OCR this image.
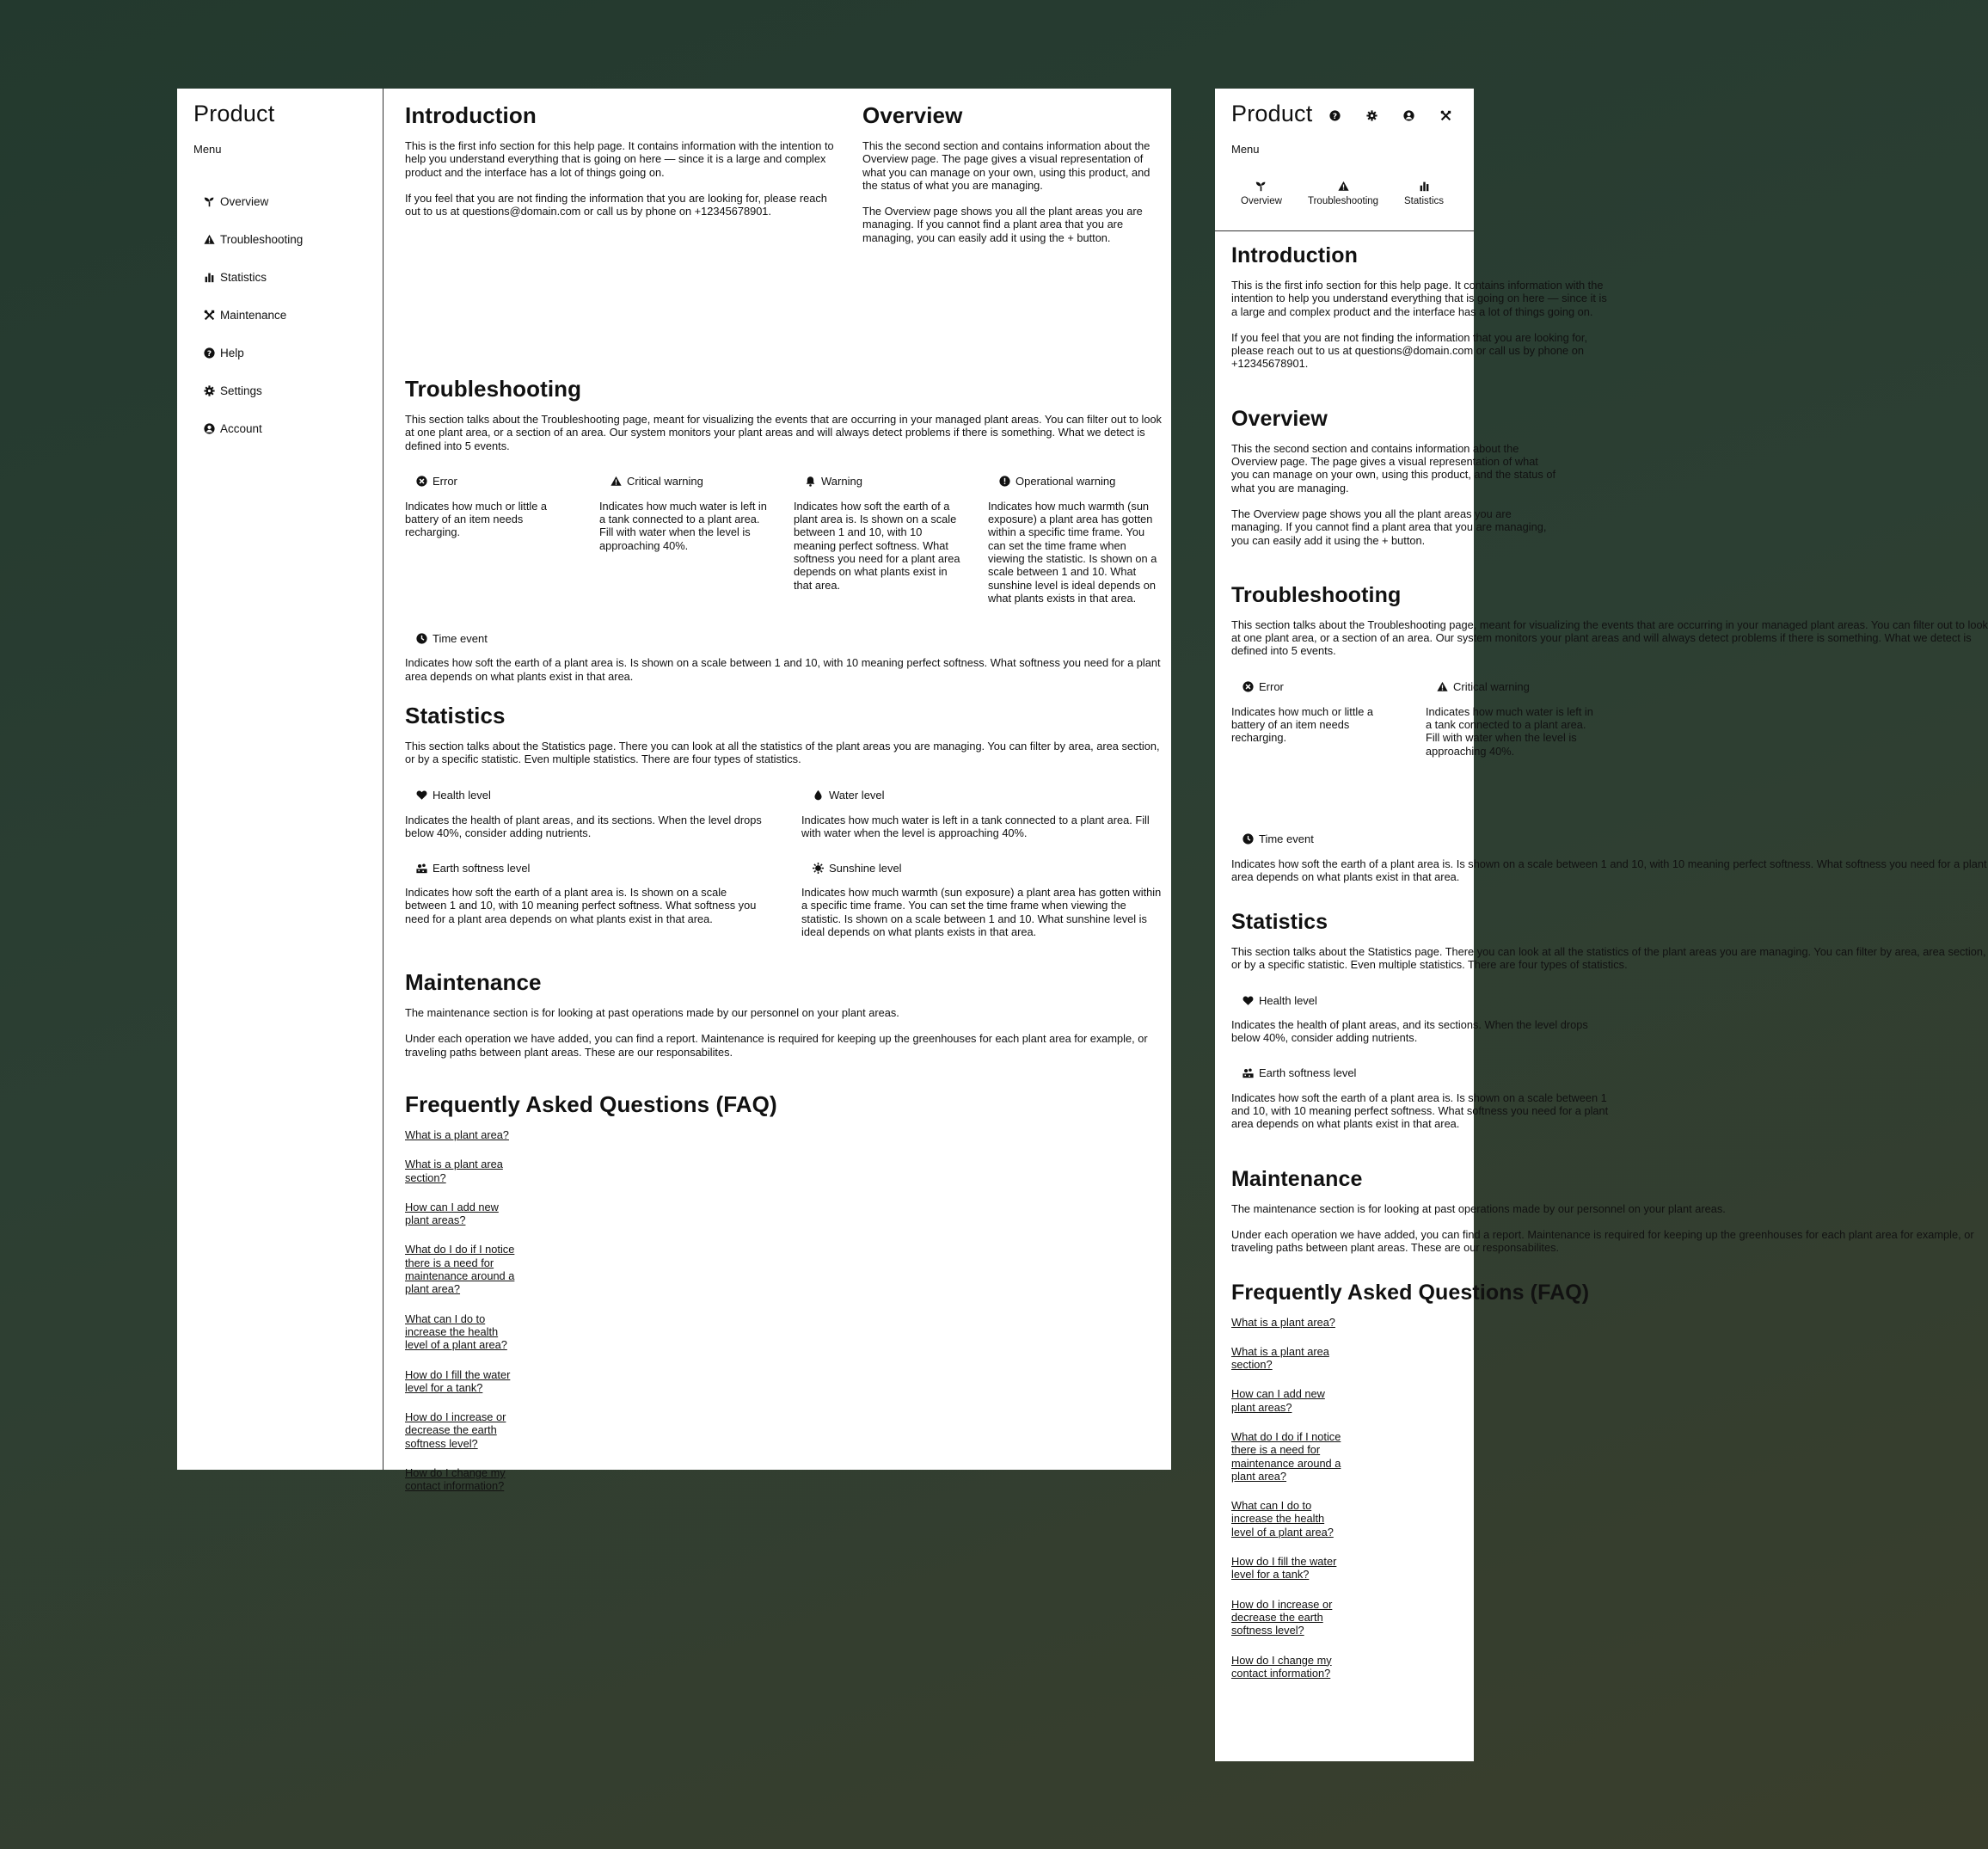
Product
Menu
Overview
Troubleshooting
Statistics
Maintenance
? Help
Settings
Account
Introduction

This is the first info section for this help page. It contains information with the intention to help you understand everything that is going on here — since it is a large and complex product and the interface has a lot of things going on.

If you feel that you are not finding the information that you are looking for, please reach out to us at questions@domain.com or call us by phone on +12345678901.

Overview

This the second section and contains information about the Overview page. The page gives a visual representation of what you can manage on your own, using this product, and the status of what you are managing.

The Overview page shows you all the plant areas you are managing. If you cannot find a plant area that you are managing, you can easily add it using the + button.

Troubleshooting

This section talks about the Troubleshooting page, meant for visualizing the events that are occurring in your managed plant areas. You can filter out to look at one plant area, or a section of an area. Our system monitors your plant areas and will always detect problems if there is something. What we detect is defined into 5 events.

Error

Indicates how much or little a battery of an item needs recharging.

Critical warning

Indicates how much water is left in a tank connected to a plant area. Fill with water when the level is approaching 40%.

Warning

Indicates how soft the earth of a plant area is. Is shown on a scale between 1 and 10, with 10 meaning perfect softness. What softness you need for a plant area depends on what plants exist in that area.

Operational warning

Indicates how much warmth (sun exposure) a plant area has gotten within a specific time frame. You can set the time frame when viewing the statistic. Is shown on a scale between 1 and 10. What sunshine level is ideal depends on what plants exists in that area.

Time event

Indicates how soft the earth of a plant area is. Is shown on a scale between 1 and 10, with 10 meaning perfect softness. What softness you need for a plant area depends on what plants exist in that area.

Statistics

This section talks about the Statistics page. There you can look at all the statistics of the plant areas you are managing. You can filter by area, area section, or by a specific statistic. Even multiple statistics. There are four types of statistics.

Health level

Indicates the health of plant areas, and its sections. When the level drops below 40%, consider adding nutrients.

Water level

Indicates how much water is left in a tank connected to a plant area. Fill with water when the level is approaching 40%.

Earth softness level

Indicates how soft the earth of a plant area is. Is shown on a scale between 1 and 10, with 10 meaning perfect softness. What softness you need for a plant area depends on what plants exist in that area.

Sunshine level

Indicates how much warmth (sun exposure) a plant area has gotten within a specific time frame. You can set the time frame when viewing the statistic. Is shown on a scale between 1 and 10. What sunshine level is ideal depends on what plants exists in that area.

Maintenance

The maintenance section is for looking at past operations made by our personnel on your plant areas.

Under each operation we have added, you can find a report. Maintenance is required for keeping up the greenhouses for each plant area for example, or traveling paths between plant areas. These are our responsabilites.

Frequently Asked Questions (FAQ)
What is a plant area?
What is a plant area section?
How can I add new plant areas?
What do I do if I notice there is a need for maintenance around a plant area?
What can I do to increase the health level of a plant area?
How do I fill the water level for a tank?
How do I increase or decrease the earth softness level?
How do I change my contact information?
Product ?
Menu
Overview	Troubleshooting	Statistics
Introduction

This is the first info section for this help page. It contains information with the intention to help you understand everything that is going on here — since it is a large and complex product and the interface has a lot of things going on.

If you feel that you are not finding the information that you are looking for, please reach out to us at questions@domain.com or call us by phone on +12345678901.

Overview

This the second section and contains information about the Overview page. The page gives a visual representation of what you can manage on your own, using this product, and the status of what you are managing.

The Overview page shows you all the plant areas you are managing. If you cannot find a plant area that you are managing, you can easily add it using the + button.

Troubleshooting

This section talks about the Troubleshooting page, meant for visualizing the events that are occurring in your managed plant areas. You can filter out to look at one plant area, or a section of an area. Our system monitors your plant areas and will always detect problems if there is something. What we detect is defined into 5 events.

Error

Indicates how much or little a battery of an item needs recharging.

Critical warning

Indicates how much water is left in a tank connected to a plant area. Fill with water when the level is approaching 40%.

Time event

Indicates how soft the earth of a plant area is. Is shown on a scale between 1 and 10, with 10 meaning perfect softness. What softness you need for a plant area depends on what plants exist in that area.

Statistics

This section talks about the Statistics page. There you can look at all the statistics of the plant areas you are managing. You can filter by area, area section, or by a specific statistic. Even multiple statistics. There are four types of statistics.

Health level

Indicates the health of plant areas, and its sections. When the level drops below 40%, consider adding nutrients.

Earth softness level

Indicates how soft the earth of a plant area is. Is shown on a scale between 1 and 10, with 10 meaning perfect softness. What softness you need for a plant area depends on what plants exist in that area.

Maintenance

The maintenance section is for looking at past operations made by our personnel on your plant areas.

Under each operation we have added, you can find a report. Maintenance is required for keeping up the greenhouses for each plant area for example, or traveling paths between plant areas. These are our responsabilites.

Frequently Asked Questions (FAQ)
What is a plant area?
What is a plant area section?
How can I add new plant areas?
What do I do if I notice there is a need for maintenance around a plant area?
What can I do to increase the health level of a plant area?
How do I fill the water level for a tank?
How do I increase or decrease the earth softness level?
How do I change my contact information?
